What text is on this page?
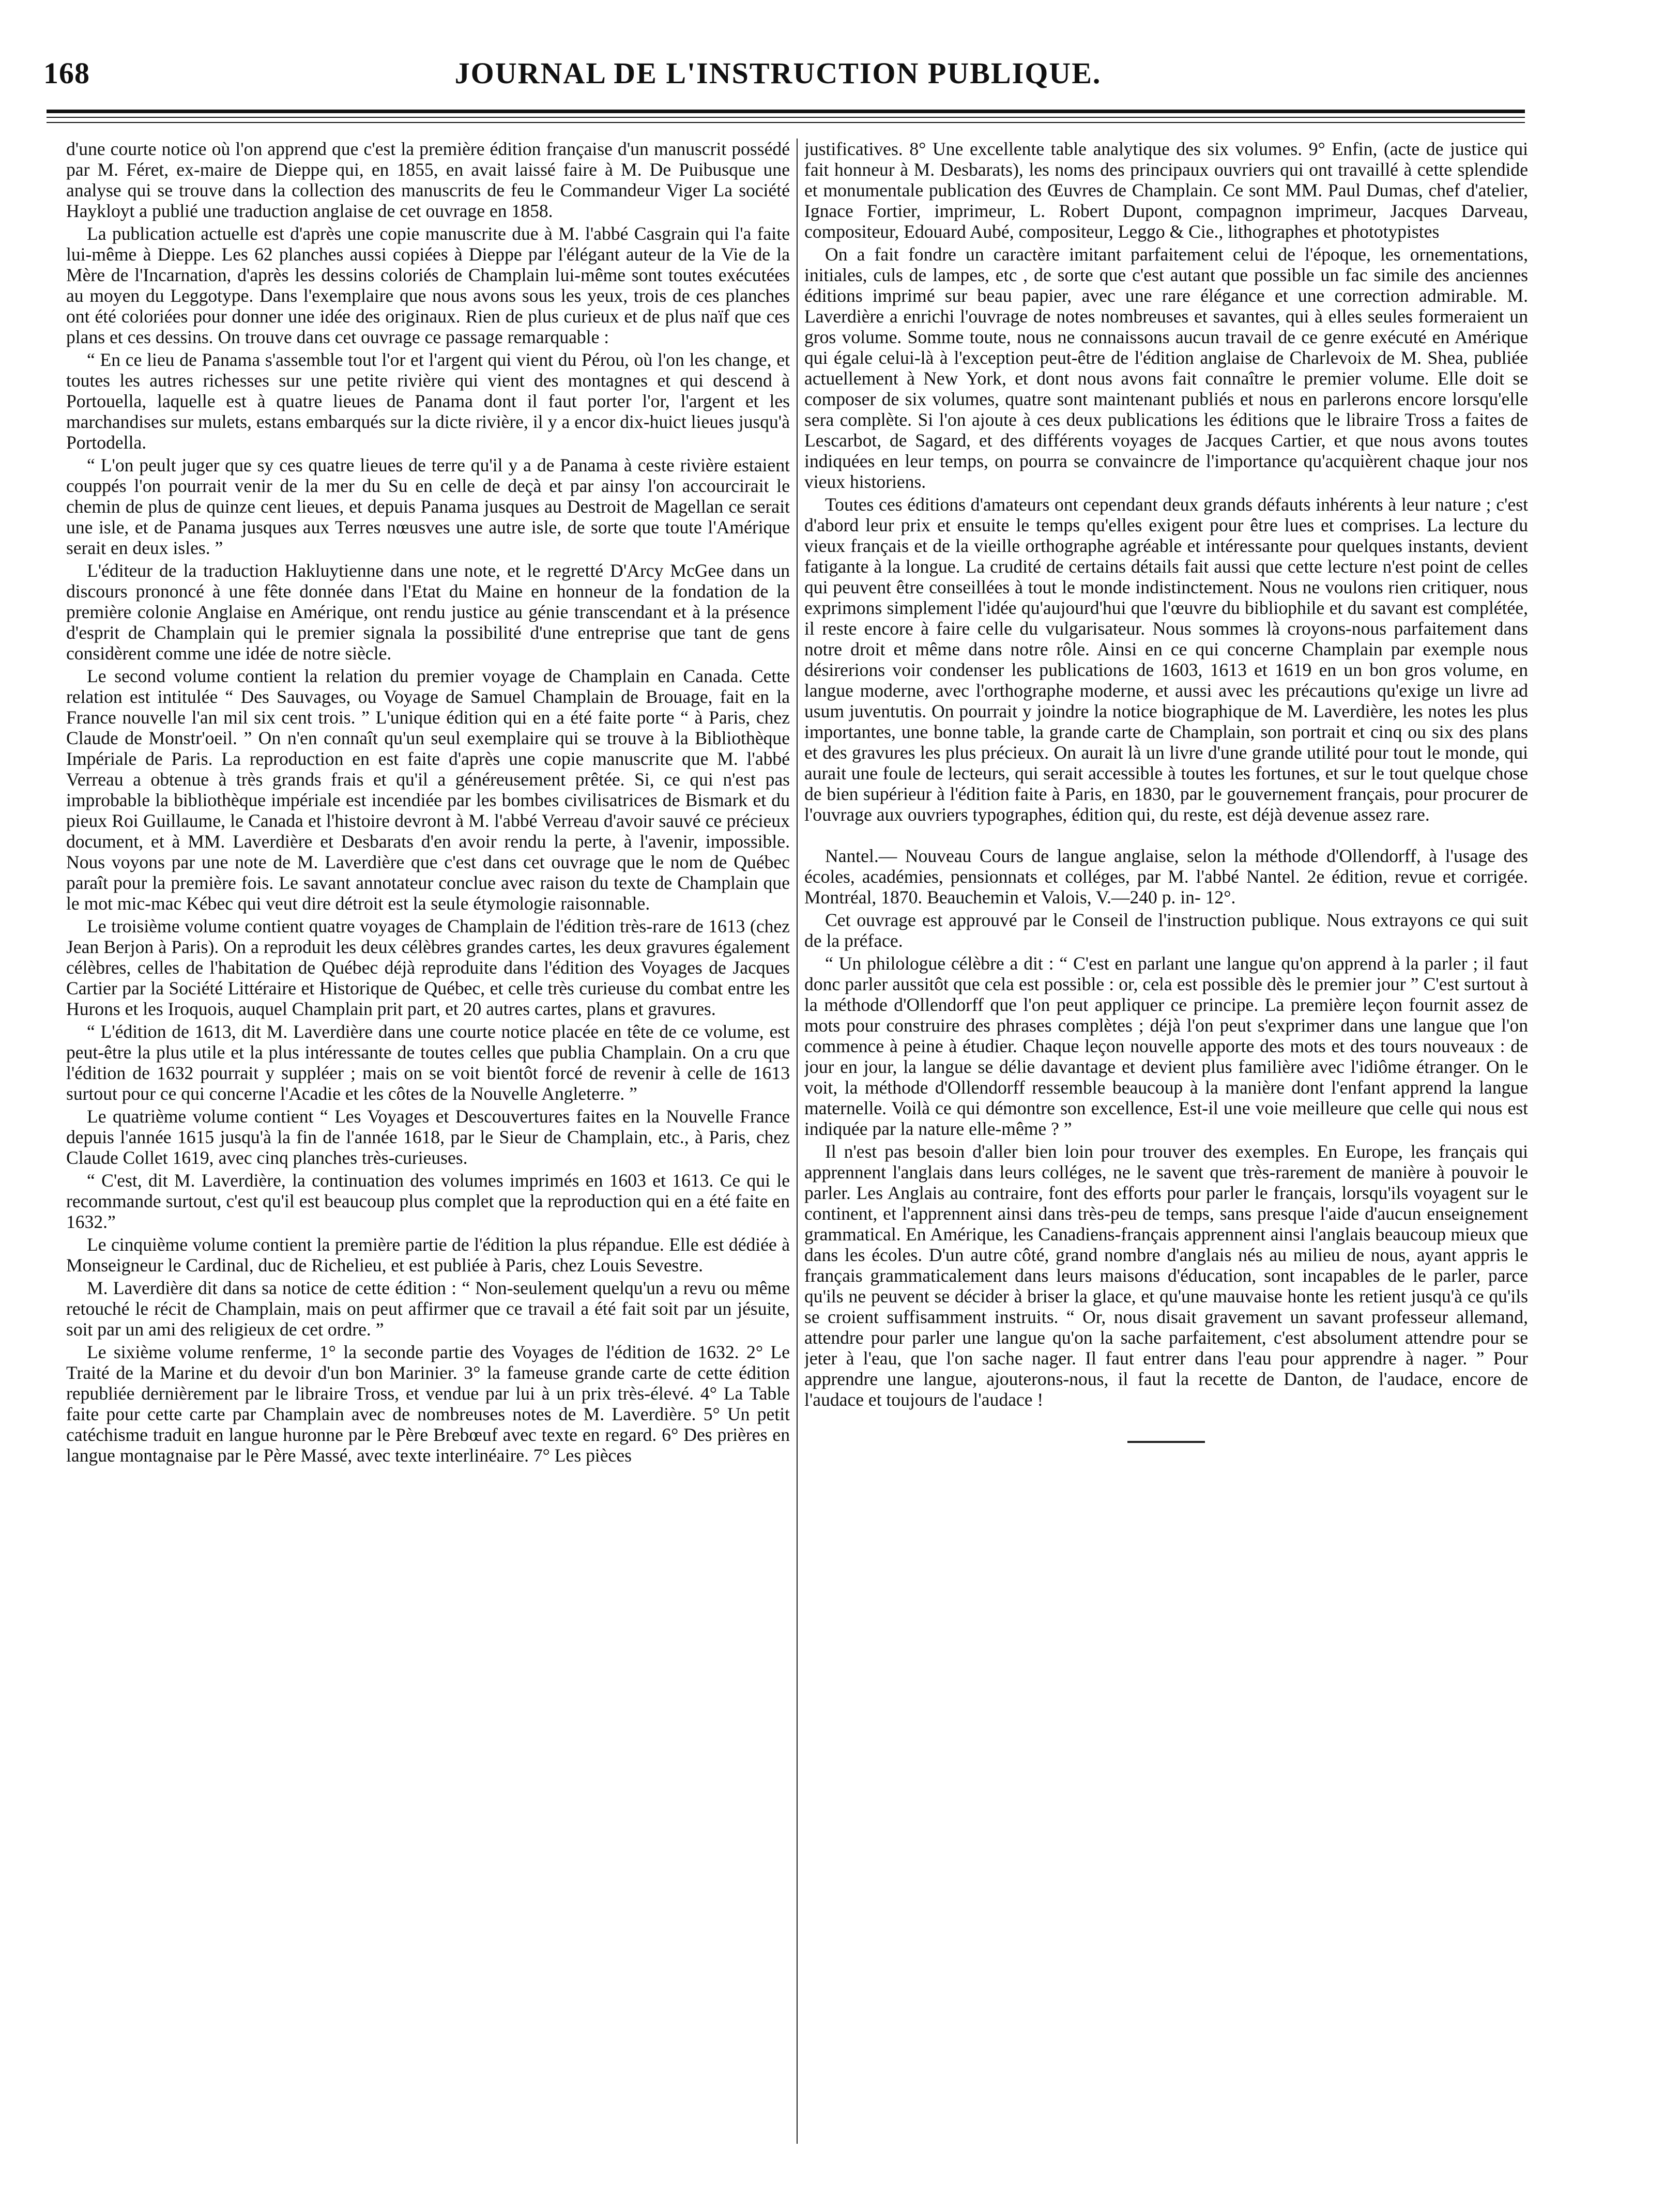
168	JOURNAL DE L'INSTRUCTION PUBLIQUE.

d'une courte notice où l'on apprend que c'est la première édition française d'un manuscrit possédé par M. Féret, ex-maire de Dieppe qui, en 1855, en avait laissé faire à M. De Puibusque une analyse qui se trouve dans la collection des manuscrits de feu le Commandeur Viger La société Haykloyt a publié une traduction anglaise de cet ouvrage en 1858.

La publication actuelle est d'après une copie manuscrite due à M. l'abbé Casgrain qui l'a faite lui-même à Dieppe. Les 62 planches aussi copiées à Dieppe par l'élégant auteur de la Vie de la Mère de l'Incarnation, d'après les dessins coloriés de Champlain lui-même sont toutes exécutées au moyen du Leggotype. Dans l'exemplaire que nous avons sous les yeux, trois de ces planches ont été coloriées pour donner une idée des originaux. Rien de plus curieux et de plus naïf que ces plans et ces dessins. On trouve dans cet ouvrage ce passage remarquable :

“ En ce lieu de Panama s'assemble tout l'or et l'argent qui vient du Pérou, où l'on les change, et toutes les autres richesses sur une petite rivière qui vient des montagnes et qui descend à Portouella, laquelle est à quatre lieues de Panama dont il faut porter l'or, l'argent et les marchandises sur mulets, estans embarqués sur la dicte rivière, il y a encor dix-huict lieues jusqu'à Portodella.

“ L'on peult juger que sy ces quatre lieues de terre qu'il y a de Panama à ceste rivière estaient couppés l'on pourrait venir de la mer du Su en celle de deçà et par ainsy l'on accourcirait le chemin de plus de quinze cent lieues, et depuis Panama jusques au Destroit de Magellan ce serait une isle, et de Panama jusques aux Terres nœusves une autre isle, de sorte que toute l'Amérique serait en deux isles. ”

L'éditeur de la traduction Hakluytienne dans une note, et le regretté D'Arcy McGee dans un discours prononcé à une fête donnée dans l'Etat du Maine en honneur de la fondation de la première colonie Anglaise en Amérique, ont rendu justice au génie transcendant et à la présence d'esprit de Champlain qui le premier signala la possibilité d'une entreprise que tant de gens considèrent comme une idée de notre siècle.

Le second volume contient la relation du premier voyage de Champlain en Canada. Cette relation est intitulée “ Des Sauvages, ou Voyage de Samuel Champlain de Brouage, fait en la France nouvelle l'an mil six cent trois. ” L'unique édition qui en a été faite porte “ à Paris, chez Claude de Monstr'oeil. ” On n'en connaît qu'un seul exemplaire qui se trouve à la Bibliothèque Impériale de Paris. La reproduction en est faite d'après une copie manuscrite que M. l'abbé Verreau a obtenue à très grands frais et qu'il a généreusement prêtée. Si, ce qui n'est pas improbable la bibliothèque impériale est incendiée par les bombes civilisatrices de Bismark et du pieux Roi Guillaume, le Canada et l'histoire devront à M. l'abbé Verreau d'avoir sauvé ce précieux document, et à MM. Laverdière et Desbarats d'en avoir rendu la perte, à l'avenir, impossible. Nous voyons par une note de M. Laverdière que c'est dans cet ouvrage que le nom de Québec paraît pour la première fois. Le savant annotateur conclue avec raison du texte de Champlain que le mot mic-mac Kébec qui veut dire détroit est la seule étymologie raisonnable.

Le troisième volume contient quatre voyages de Champlain de l'édition très-rare de 1613 (chez Jean Berjon à Paris). On a reproduit les deux célèbres grandes cartes, les deux gravures également célèbres, celles de l'habitation de Québec déjà reproduite dans l'édition des Voyages de Jacques Cartier par la Société Littéraire et Historique de Québec, et celle très curieuse du combat entre les Hurons et les Iroquois, auquel Champlain prit part, et 20 autres cartes, plans et gravures.

“ L'édition de 1613, dit M. Laverdière dans une courte notice placée en tête de ce volume, est peut-être la plus utile et la plus intéressante de toutes celles que publia Champlain. On a cru que l'édition de 1632 pourrait y suppléer ; mais on se voit bientôt forcé de revenir à celle de 1613 surtout pour ce qui concerne l'Acadie et les côtes de la Nouvelle Angleterre. ”

Le quatrième volume contient “ Les Voyages et Descouvertures faites en la Nouvelle France depuis l'année 1615 jusqu'à la fin de l'année 1618, par le Sieur de Champlain, etc., à Paris, chez Claude Collet 1619, avec cinq planches très-curieuses.

“ C'est, dit M. Laverdière, la continuation des volumes imprimés en 1603 et 1613. Ce qui le recommande surtout, c'est qu'il est beaucoup plus complet que la reproduction qui en a été faite en 1632.”

Le cinquième volume contient la première partie de l'édition la plus répandue. Elle est dédiée à Monseigneur le Cardinal, duc de Richelieu, et est publiée à Paris, chez Louis Sevestre.

M. Laverdière dit dans sa notice de cette édition : “ Non-seulement quelqu'un a revu ou même retouché le récit de Champlain, mais on peut affirmer que ce travail a été fait soit par un jésuite, soit par un ami des religieux de cet ordre. ”

Le sixième volume renferme, 1° la seconde partie des Voyages de l'édition de 1632. 2° Le Traité de la Marine et du devoir d'un bon Marinier. 3° la fameuse grande carte de cette édition republiée dernièrement par le libraire Tross, et vendue par lui à un prix très-élevé. 4° La Table faite pour cette carte par Champlain avec de nombreuses notes de M. Laverdière. 5° Un petit catéchisme traduit en langue huronne par le Père Brebœuf avec texte en regard. 6° Des prières en langue montagnaise par le Père Massé, avec texte interlinéaire. 7° Les pièces

justificatives. 8° Une excellente table analytique des six volumes. 9° Enfin, (acte de justice qui fait honneur à M. Desbarats), les noms des principaux ouvriers qui ont travaillé à cette splendide et monumentale publication des Œuvres de Champlain. Ce sont MM. Paul Dumas, chef d'atelier, Ignace Fortier, imprimeur, L. Robert Dupont, compagnon imprimeur, Jacques Darveau, compositeur, Edouard Aubé, compositeur, Leggo & Cie., lithographes et phototypistes

On a fait fondre un caractère imitant parfaitement celui de l'époque, les ornementations, initiales, culs de lampes, etc , de sorte que c'est autant que possible un fac simile des anciennes éditions imprimé sur beau papier, avec une rare élégance et une correction admirable. M. Laverdière a enrichi l'ouvrage de notes nombreuses et savantes, qui à elles seules formeraient un gros volume. Somme toute, nous ne connaissons aucun travail de ce genre exécuté en Amérique qui égale celui-là à l'exception peut-être de l'édition anglaise de Charlevoix de M. Shea, publiée actuellement à New York, et dont nous avons fait connaître le premier volume. Elle doit se composer de six volumes, quatre sont maintenant publiés et nous en parlerons encore lorsqu'elle sera complète. Si l'on ajoute à ces deux publications les éditions que le libraire Tross a faites de Lescarbot, de Sagard, et des différents voyages de Jacques Cartier, et que nous avons toutes indiquées en leur temps, on pourra se convaincre de l'importance qu'acquièrent chaque jour nos vieux historiens.

Toutes ces éditions d'amateurs ont cependant deux grands défauts inhérents à leur nature ; c'est d'abord leur prix et ensuite le temps qu'elles exigent pour être lues et comprises. La lecture du vieux français et de la vieille orthographe agréable et intéressante pour quelques instants, devient fatigante à la longue. La crudité de certains détails fait aussi que cette lecture n'est point de celles qui peuvent être conseillées à tout le monde indistinctement. Nous ne voulons rien critiquer, nous exprimons simplement l'idée qu'aujourd'hui que l'œuvre du bibliophile et du savant est complétée, il reste encore à faire celle du vulgarisateur. Nous sommes là croyons-nous parfaitement dans notre droit et même dans notre rôle. Ainsi en ce qui concerne Champlain par exemple nous désirerions voir condenser les publications de 1603, 1613 et 1619 en un bon gros volume, en langue moderne, avec l'orthographe moderne, et aussi avec les précautions qu'exige un livre ad usum juventutis. On pourrait y joindre la notice biographique de M. Laverdière, les notes les plus importantes, une bonne table, la grande carte de Champlain, son portrait et cinq ou six des plans et des gravures les plus précieux. On aurait là un livre d'une grande utilité pour tout le monde, qui aurait une foule de lecteurs, qui serait accessible à toutes les fortunes, et sur le tout quelque chose de bien supérieur à l'édition faite à Paris, en 1830, par le gouvernement français, pour procurer de l'ouvrage aux ouvriers typographes, édition qui, du reste, est déjà devenue assez rare.

Nantel.— Nouveau Cours de langue anglaise, selon la méthode d'Ollendorff, à l'usage des écoles, académies, pensionnats et colléges, par M. l'abbé Nantel. 2e édition, revue et corrigée. Montréal, 1870. Beauchemin et Valois, V.—240 p. in- 12°.

Cet ouvrage est approuvé par le Conseil de l'instruction publique. Nous extrayons ce qui suit de la préface.

“ Un philologue célèbre a dit : “ C'est en parlant une langue qu'on apprend à la parler ; il faut donc parler aussitôt que cela est possible : or, cela est possible dès le premier jour ” C'est surtout à la méthode d'Ollendorff que l'on peut appliquer ce principe. La première leçon fournit assez de mots pour construire des phrases complètes ; déjà l'on peut s'exprimer dans une langue que l'on commence à peine à étudier. Chaque leçon nouvelle apporte des mots et des tours nouveaux : de jour en jour, la langue se délie davantage et devient plus familière avec l'idiôme étranger. On le voit, la méthode d'Ollendorff ressemble beaucoup à la manière dont l'enfant apprend la langue maternelle. Voilà ce qui démontre son excellence, Est-il une voie meilleure que celle qui nous est indiquée par la nature elle-même ? ”

Il n'est pas besoin d'aller bien loin pour trouver des exemples. En Europe, les français qui apprennent l'anglais dans leurs colléges, ne le savent que très-rarement de manière à pouvoir le parler. Les Anglais au contraire, font des efforts pour parler le français, lorsqu'ils voyagent sur le continent, et l'apprennent ainsi dans très-peu de temps, sans presque l'aide d'aucun enseignement grammatical. En Amérique, les Canadiens-français apprennent ainsi l'anglais beaucoup mieux que dans les écoles. D'un autre côté, grand nombre d'anglais nés au milieu de nous, ayant appris le français grammaticalement dans leurs maisons d'éducation, sont incapables de le parler, parce qu'ils ne peuvent se décider à briser la glace, et qu'une mauvaise honte les retient jusqu'à ce qu'ils se croient suffisamment instruits. “ Or, nous disait gravement un savant professeur allemand, attendre pour parler une langue qu'on la sache parfaitement, c'est absolument attendre pour se jeter à l'eau, que l'on sache nager. Il faut entrer dans l'eau pour apprendre à nager. ” Pour apprendre une langue, ajouterons-nous, il faut la recette de Danton, de l'audace, encore de l'audace et toujours de l'audace !
